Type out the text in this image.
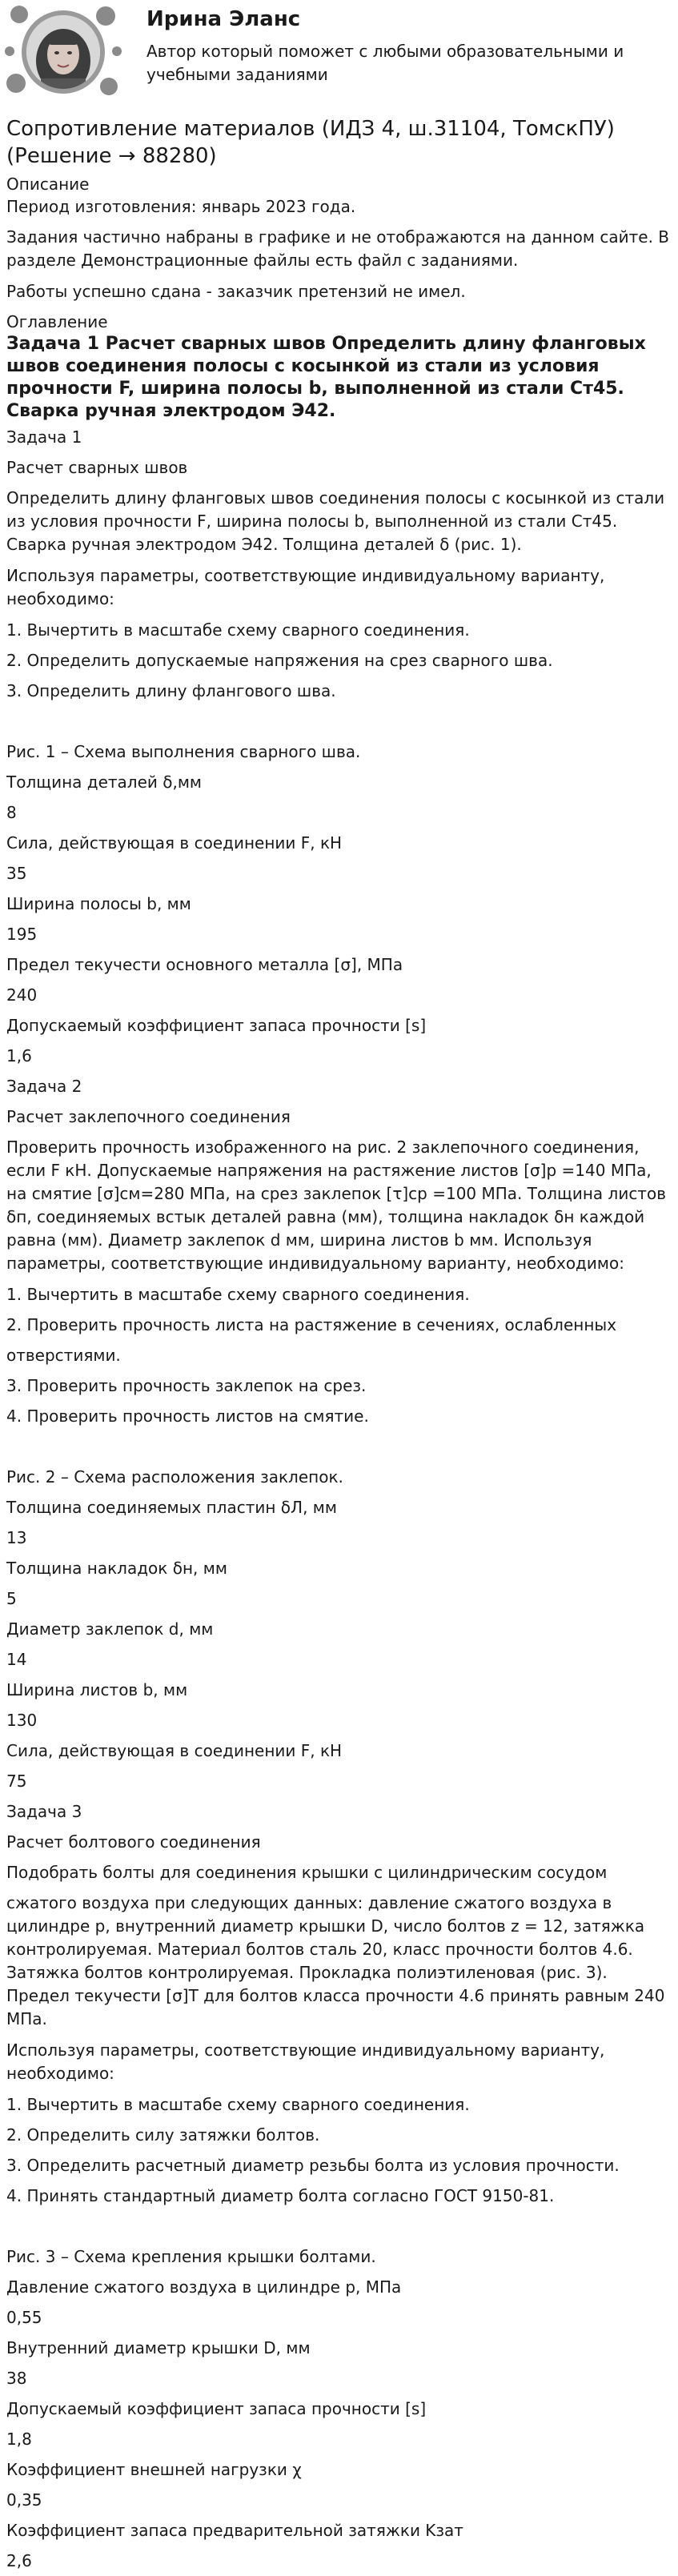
Ирина Эланс
Автор который поможет с любыми образовательными и учебными заданиями
Сопротивление материалов (ИДЗ 4, ш.31104, ТомскПУ) (Решение → 88280)

Описание

Период изготовления: январь 2023 года.

Задания частично набраны в графике и не отображаются на данном сайте. В разделе Демонстрационные файлы есть файл с заданиями.

Работы успешно сдана - заказчик претензий не имел.

Оглавление

Задача 1 Расчет сварных швов Определить длину фланговых швов соединения полосы с косынкой из стали из условия прочности F, ширина полосы b, выполненной из стали Ст45. Сварка ручная электродом Э42.

Задача 1

Расчет сварных швов

Определить длину фланговых швов соединения полосы с косынкой из стали из условия прочности F, ширина полосы b, выполненной из стали Ст45. Сварка ручная электродом Э42. Толщина деталей δ (рис. 1).

Используя параметры, соответствующие индивидуальному варианту, необходимо:

1. Вычертить в масштабе схему сварного соединения.

2. Определить допускаемые напряжения на срез сварного шва.

3. Определить длину флангового шва.

Рис. 1 – Схема выполнения сварного шва.

Толщина деталей δ,мм

8

Сила, действующая в соединении F, кН

35

Ширина полосы b, мм

195

Предел текучести основного металла [σ], МПа

240

Допускаемый коэффициент запаса прочности [s]

1,6

Задача 2

Расчет заклепочного соединения

Проверить прочность изображенного на рис. 2 заклепочного соединения, если F кН. Допускаемые напряжения на растяжение листов [σ]р =140 МПа, на смятие [σ]см=280 МПа, на срез заклепок [τ]ср =100 МПа. Толщина листов δп, соединяемых встык деталей равна (мм), толщина накладок δн каждой равна (мм). Диаметр заклепок d мм, ширина листов b мм. Используя параметры, соответствующие индивидуальному варианту, необходимо:

1. Вычертить в масштабе схему сварного соединения.

2. Проверить прочность листа на растяжение в сечениях, ослабленных

отверстиями.

3. Проверить прочность заклепок на срез.

4. Проверить прочность листов на смятие.

Рис. 2 – Схема расположения заклепок.

Толщина соединяемых пластин δЛ, мм

13

Толщина накладок δн, мм

5

Диаметр заклепок d, мм

14

Ширина листов b, мм

130

Сила, действующая в соединении F, кН

75

Задача 3

Расчет болтового соединения

Подобрать болты для соединения крышки с цилиндрическим сосудом

сжатого воздуха при следующих данных: давление сжатого воздуха в цилиндре p, внутренний диаметр крышки D, число болтов z = 12, затяжка контролируемая. Материал болтов сталь 20, класс прочности болтов 4.6. Затяжка болтов контролируемая. Прокладка полиэтиленовая (рис. 3). Предел текучести [σ]Т для болтов класса прочности 4.6 принять равным 240 МПа.

Используя параметры, соответствующие индивидуальному варианту, необходимо:

1. Вычертить в масштабе схему сварного соединения.

2. Определить силу затяжки болтов.

3. Определить расчетный диаметр резьбы болта из условия прочности.

4. Принять стандартный диаметр болта согласно ГОСТ 9150-81.

Рис. 3 – Схема крепления крышки болтами.

Давление сжатого воздуха в цилиндре p, МПа

0,55

Внутренний диаметр крышки D, мм

38

Допускаемый коэффициент запаса прочности [s]

1,8

Коэффициент внешней нагрузки χ

0,35

Коэффициент запаса предварительной затяжки Kзат

2,6
